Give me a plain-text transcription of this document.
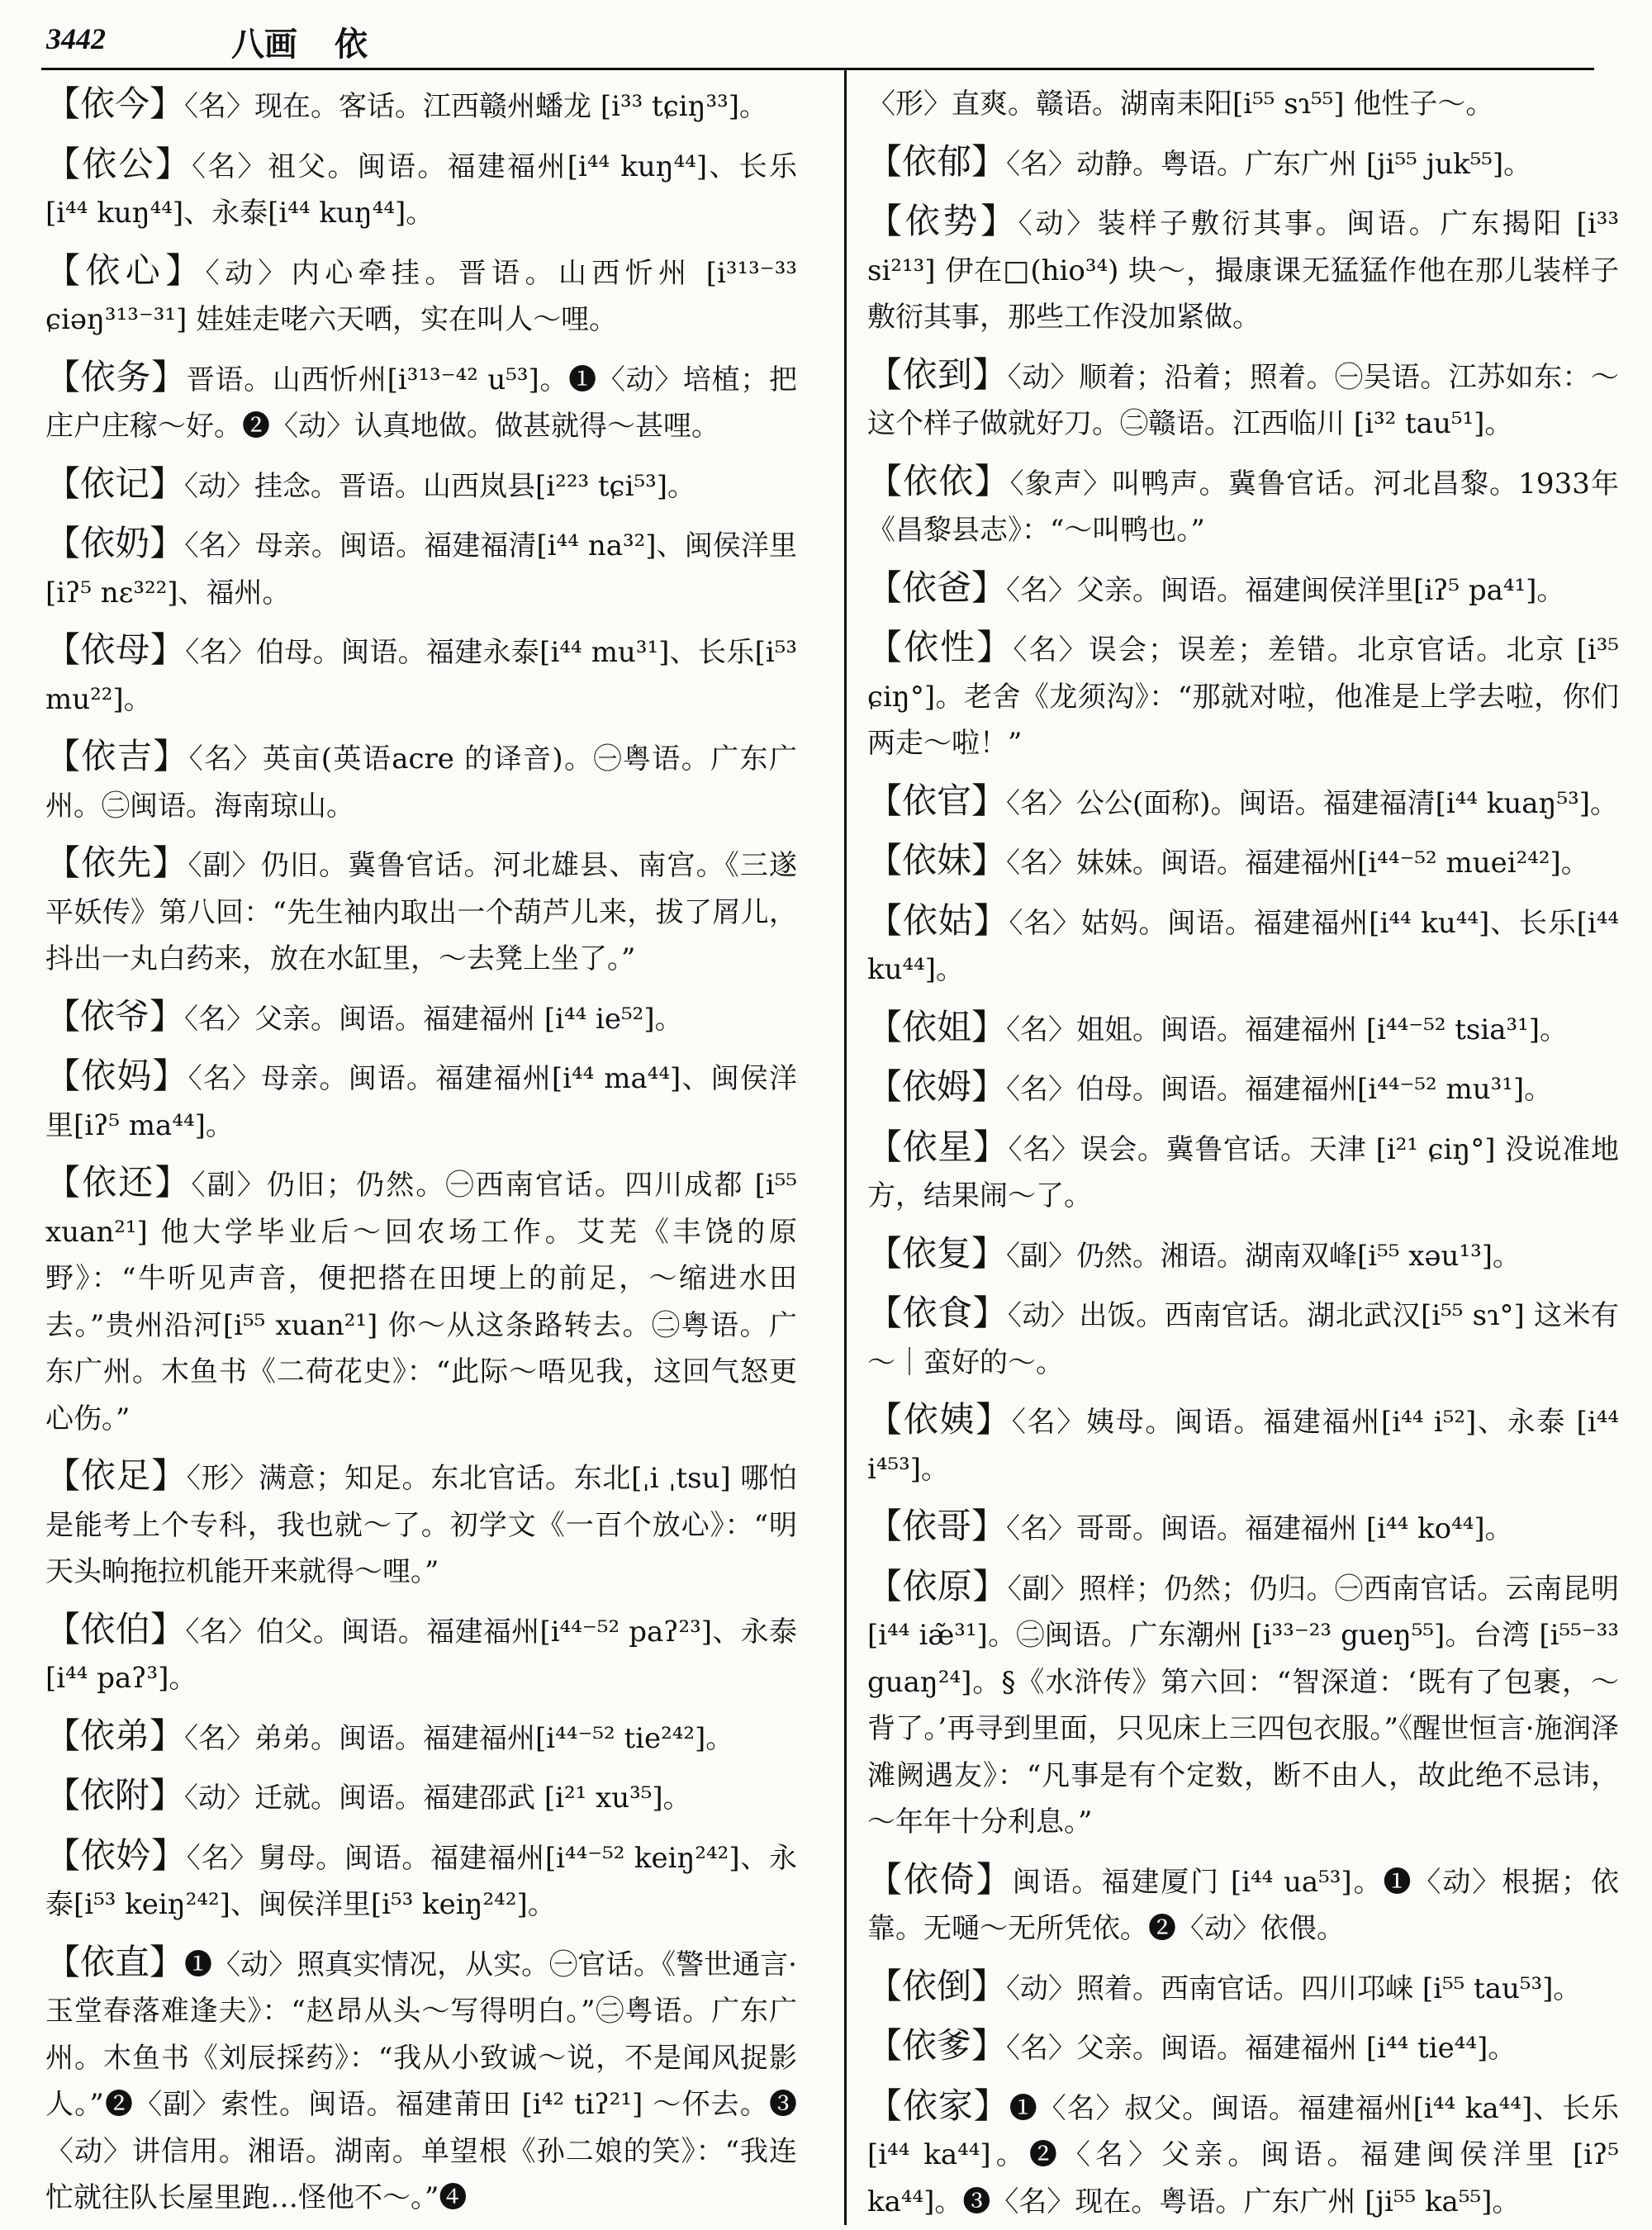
3442	八画 依

【依今】〈名〉现在。客话。江西赣州蟠龙 [i³³ tɕiŋ³³]。

【依公】〈名〉祖父。闽语。福建福州[i⁴⁴ kuŋ⁴⁴]、长乐[i⁴⁴ kuŋ⁴⁴]、永泰[i⁴⁴ kuŋ⁴⁴]。

【依心】〈动〉内心牵挂。晋语。山西忻州 [i³¹³⁻³³ ɕiəŋ³¹³⁻³¹] 娃娃走咾六天哂，实在叫人～哩。

【依务】晋语。山西忻州[i³¹³⁻⁴² u⁵³]。❶〈动〉培植；把庄户庄稼～好。❷〈动〉认真地做。做甚就得～甚哩。

【依记】〈动〉挂念。晋语。山西岚县[i²²³ tɕi⁵³]。

【依奶】〈名〉母亲。闽语。福建福清[i⁴⁴ na³²]、闽侯洋里[iʔ⁵ nɛ³²²]、福州。

【依母】〈名〉伯母。闽语。福建永泰[i⁴⁴ mu³¹]、长乐[i⁵³ mu²²]。

【依吉】〈名〉英亩(英语acre 的译音)。㊀粤语。广东广州。㊁闽语。海南琼山。

【依先】〈副〉仍旧。冀鲁官话。河北雄县、南宫。《三遂平妖传》第八回：“先生袖内取出一个葫芦儿来，拔了屑儿，抖出一丸白药来，放在水缸里，～去凳上坐了。”

【依爷】〈名〉父亲。闽语。福建福州 [i⁴⁴ ie⁵²]。

【依妈】〈名〉母亲。闽语。福建福州[i⁴⁴ ma⁴⁴]、闽侯洋里[iʔ⁵ ma⁴⁴]。

【依还】〈副〉仍旧；仍然。㊀西南官话。四川成都 [i⁵⁵ xuan²¹] 他大学毕业后～回农场工作。艾芜《丰饶的原野》：“牛听见声音，便把搭在田埂上的前足，～缩进水田去。”贵州沿河[i⁵⁵ xuan²¹] 你～从这条路转去。㊁粤语。广东广州。木鱼书《二荷花史》：“此际～唔见我，这回气怒更心伤。”

【依足】〈形〉满意；知足。东北官话。东北[ˌi ˌtsu] 哪怕是能考上个专科，我也就～了。初学文《一百个放心》：“明天头晌拖拉机能开来就得～哩。”

【依伯】〈名〉伯父。闽语。福建福州[i⁴⁴⁻⁵² paʔ²³]、永泰 [i⁴⁴ paʔ³]。

【依弟】〈名〉弟弟。闽语。福建福州[i⁴⁴⁻⁵² tie²⁴²]。

【依附】〈动〉迁就。闽语。福建邵武 [i²¹ xu³⁵]。

【依妗】〈名〉舅母。闽语。福建福州[i⁴⁴⁻⁵² keiŋ²⁴²]、永泰[i⁵³ keiŋ²⁴²]、闽侯洋里[i⁵³ keiŋ²⁴²]。

【依直】❶〈动〉照真实情况，从实。㊀官话。《警世通言·玉堂春落难逢夫》：“赵昂从头～写得明白。”㊁粤语。广东广州。木鱼书《刘辰採药》：“我从小致诚～说，不是闻风捉影人。”❷〈副〉索性。闽语。福建莆田 [i⁴² tiʔ²¹] ～伓去。❸〈动〉讲信用。湘语。湖南。单望根《孙二娘的笑》：“我连忙就往队长屋里跑…怪他不～。”❹

〈形〉直爽。赣语。湖南耒阳[i⁵⁵ sɿ⁵⁵] 他性子～。

【依郁】〈名〉动静。粤语。广东广州 [ji⁵⁵ juk⁵⁵]。

【依势】〈动〉装样子敷衍其事。闽语。广东揭阳 [i³³ si²¹³] 伊在□(hio³⁴) 块～，撮康课无猛猛作他在那儿装样子敷衍其事，那些工作没加紧做。

【依到】〈动〉顺着；沿着；照着。㊀吴语。江苏如东：～这个样子做就好刀。㊁赣语。江西临川 [i³² tau⁵¹]。

【依依】〈象声〉叫鸭声。冀鲁官话。河北昌黎。1933年《昌黎县志》：“～叫鸭也。”

【依爸】〈名〉父亲。闽语。福建闽侯洋里[iʔ⁵ pa⁴¹]。

【依性】〈名〉误会；误差；差错。北京官话。北京 [i³⁵ ɕiŋ°]。老舍《龙须沟》：“那就对啦，他准是上学去啦，你们两走～啦！”

【依官】〈名〉公公(面称)。闽语。福建福清[i⁴⁴ kuaŋ⁵³]。

【依妹】〈名〉妹妹。闽语。福建福州[i⁴⁴⁻⁵² muei²⁴²]。

【依姑】〈名〉姑妈。闽语。福建福州[i⁴⁴ ku⁴⁴]、长乐[i⁴⁴ ku⁴⁴]。

【依姐】〈名〉姐姐。闽语。福建福州 [i⁴⁴⁻⁵² tsia³¹]。

【依姆】〈名〉伯母。闽语。福建福州[i⁴⁴⁻⁵² mu³¹]。

【依星】〈名〉误会。冀鲁官话。天津 [i²¹ ɕiŋ°] 没说准地方，结果闹～了。

【依复】〈副〉仍然。湘语。湖南双峰[i⁵⁵ xəu¹³]。

【依食】〈动〉出饭。西南官话。湖北武汉[i⁵⁵ sɿ°] 这米有～｜蛮好的～。

【依姨】〈名〉姨母。闽语。福建福州[i⁴⁴ i⁵²]、永泰 [i⁴⁴ i⁴⁵³]。

【依哥】〈名〉哥哥。闽语。福建福州 [i⁴⁴ ko⁴⁴]。

【依原】〈副〉照样；仍然；仍归。㊀西南官话。云南昆明 [i⁴⁴ iæ̃³¹]。㊁闽语。广东潮州 [i³³⁻²³ gueŋ⁵⁵]。台湾 [i⁵⁵⁻³³ guaŋ²⁴]。§《水浒传》第六回：“智深道：‘既有了包裹，～背了。’再寻到里面，只见床上三四包衣服。”《醒世恒言·施润泽滩阙遇友》：“凡事是有个定数，断不由人，故此绝不忌讳，～年年十分利息。”

【依倚】闽语。福建厦门 [i⁴⁴ ua⁵³]。❶〈动〉根据；依靠。无嗵～无所凭依。❷〈动〉依偎。

【依倒】〈动〉照着。西南官话。四川邛崃 [i⁵⁵ tau⁵³]。

【依爹】〈名〉父亲。闽语。福建福州 [i⁴⁴ tie⁴⁴]。

【依家】❶〈名〉叔父。闽语。福建福州[i⁴⁴ ka⁴⁴]、长乐 [i⁴⁴ ka⁴⁴]。❷〈名〉父亲。闽语。福建闽侯洋里 [iʔ⁵ ka⁴⁴]。❸〈名〉现在。粤语。广东广州 [ji⁵⁵ ka⁵⁵]。
